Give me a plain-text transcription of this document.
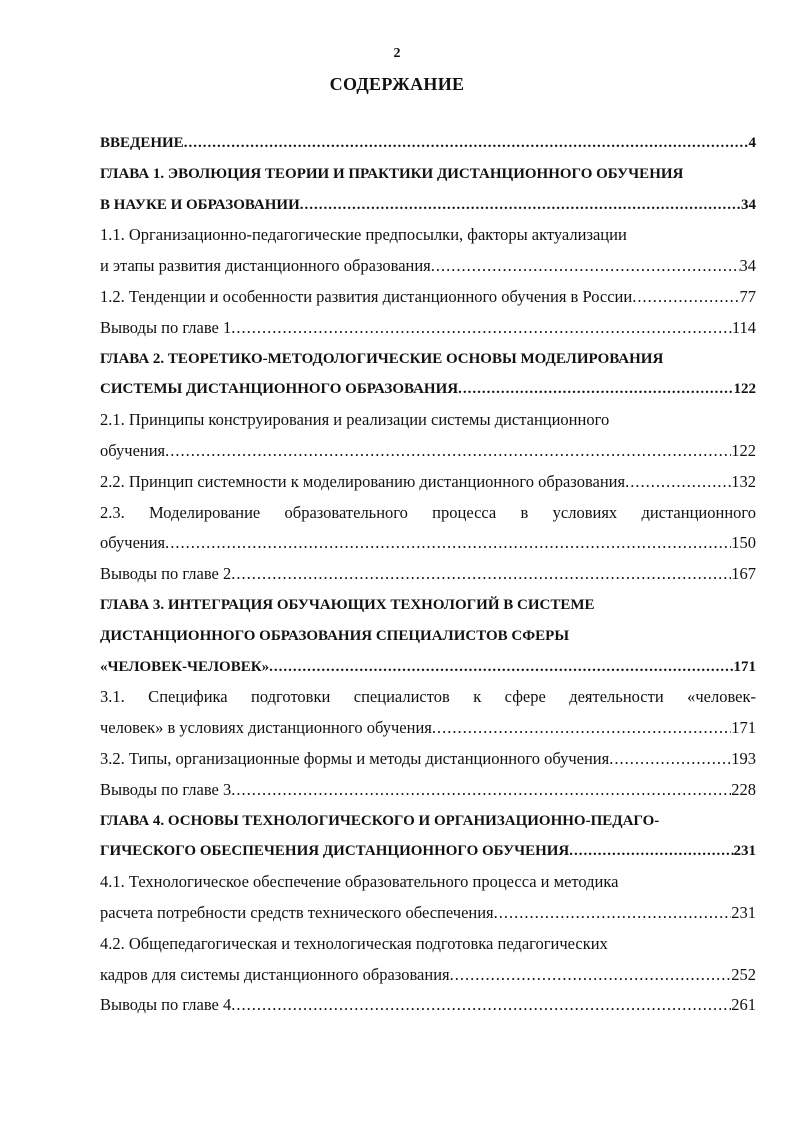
2
СОДЕРЖАНИЕ
ВВЕДЕНИЕ .....	4
ГЛАВА 1. ЭВОЛЮЦИЯ ТЕОРИИ И ПРАКТИКИ ДИСТАНЦИОННОГО ОБУЧЕНИЯ
В НАУКЕ И ОБРАЗОВАНИИ .....	34
1.1. Организационно-педагогические предпосылки, факторы актуализации
и этапы развития дистанционного образования .....	34
1.2. Тенденции и особенности развития дистанционного обучения в России .....	77
Выводы по главе 1 .....	114
ГЛАВА 2. ТЕОРЕТИКО-МЕТОДОЛОГИЧЕСКИЕ ОСНОВЫ МОДЕЛИРОВАНИЯ
СИСТЕМЫ ДИСТАНЦИОННОГО ОБРАЗОВАНИЯ .....	122
2.1. Принципы конструирования и реализации системы дистанционного
обучения .....	122
2.2. Принцип системности к моделированию дистанционного образования .....	132
2.3. Моделирование образовательного процесса в условиях дистанционного
обучения .....	150
Выводы по главе 2 .....	167
ГЛАВА 3. ИНТЕГРАЦИЯ ОБУЧАЮЩИХ ТЕХНОЛОГИЙ В СИСТЕМЕ
ДИСТАНЦИОННОГО ОБРАЗОВАНИЯ СПЕЦИАЛИСТОВ СФЕРЫ
«ЧЕЛОВЕК-ЧЕЛОВЕК» .....	171
3.1. Специфика подготовки специалистов к сфере деятельности «человек-
человек» в условиях дистанционного обучения .....	171
3.2. Типы, организационные формы и методы дистанционного обучения .....	193
Выводы по главе 3 .....	228
ГЛАВА 4. ОСНОВЫ ТЕХНОЛОГИЧЕСКОГО И ОРГАНИЗАЦИОННО-ПЕДАГО-
ГИЧЕСКОГО ОБЕСПЕЧЕНИЯ ДИСТАНЦИОННОГО ОБУЧЕНИЯ .....	231
4.1. Технологическое обеспечение образовательного процесса и методика
расчета потребности средств технического обеспечения .....	231
4.2. Общепедагогическая и технологическая подготовка педагогических
кадров для системы дистанционного образования .....	252
Выводы по главе 4 .....	261
